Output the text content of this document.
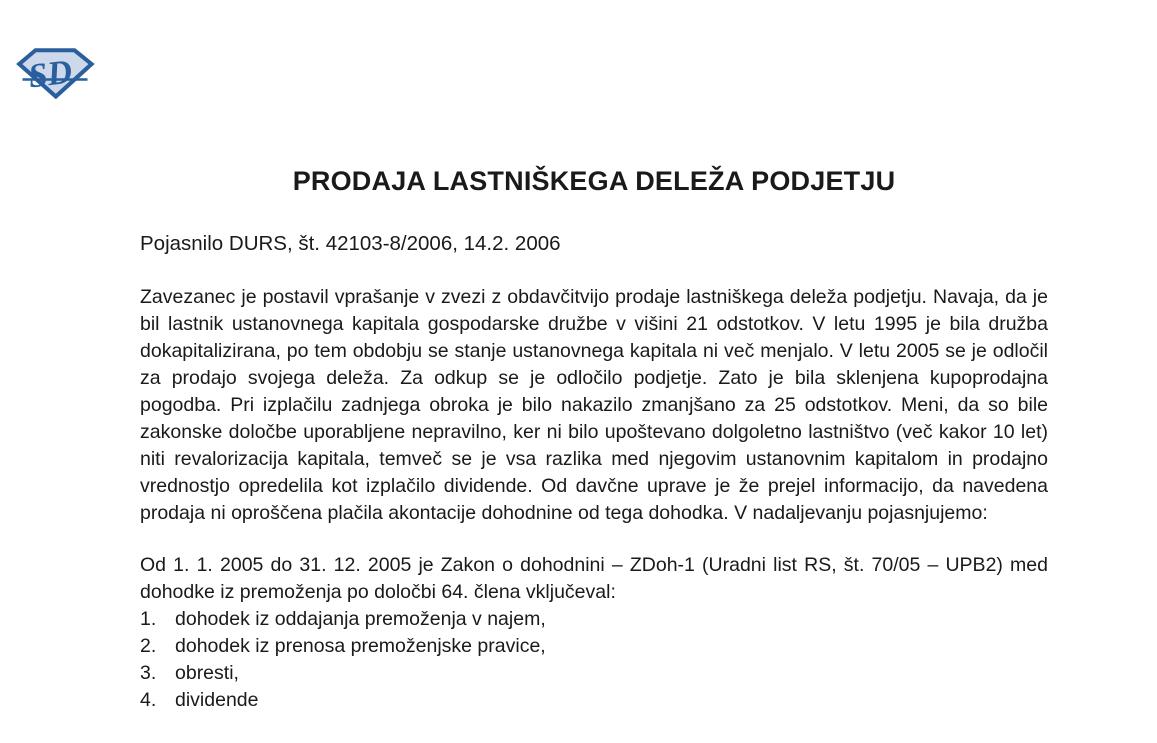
SD
PRODAJA LASTNIŠKEGA DELEŽA PODJETJU

Pojasnilo DURS, št. 42103-8/2006, 14.2. 2006

Zavezanec je postavil vprašanje v zvezi z obdavčitvijo prodaje lastniškega deleža podjetju. Navaja, da je bil lastnik ustanovnega kapitala gospodarske družbe v višini 21 odstotkov. V letu 1995 je bila družba dokapitalizirana, po tem obdobju se stanje ustanovnega kapitala ni več menjalo. V letu 2005 se je odločil za prodajo svojega deleža. Za odkup se je odločilo podjetje. Zato je bila sklenjena kupoprodajna pogodba. Pri izplačilu zadnjega obroka je bilo nakazilo zmanjšano za 25 odstotkov. Meni, da so bile zakonske določbe uporabljene nepravilno, ker ni bilo upoštevano dolgoletno lastništvo (več kakor 10 let) niti revalorizacija kapitala, temveč se je vsa razlika med njegovim ustanovnim kapitalom in prodajno vrednostjo opredelila kot izplačilo dividende. Od davčne uprave je že prejel informacijo, da navedena prodaja ni oproščena plačila akontacije dohodnine od tega dohodka. V nadaljevanju pojasnjujemo:

Od 1. 1. 2005 do 31. 12. 2005 je Zakon o dohodnini – ZDoh-1 (Uradni list RS, št. 70/05 – UPB2) med dohodke iz premoženja po določbi 64. člena vključeval:

1. dohodek iz oddajanja premoženja v najem,
2. dohodek iz prenosa premoženjske pravice,
3. obresti,
4. dividende
